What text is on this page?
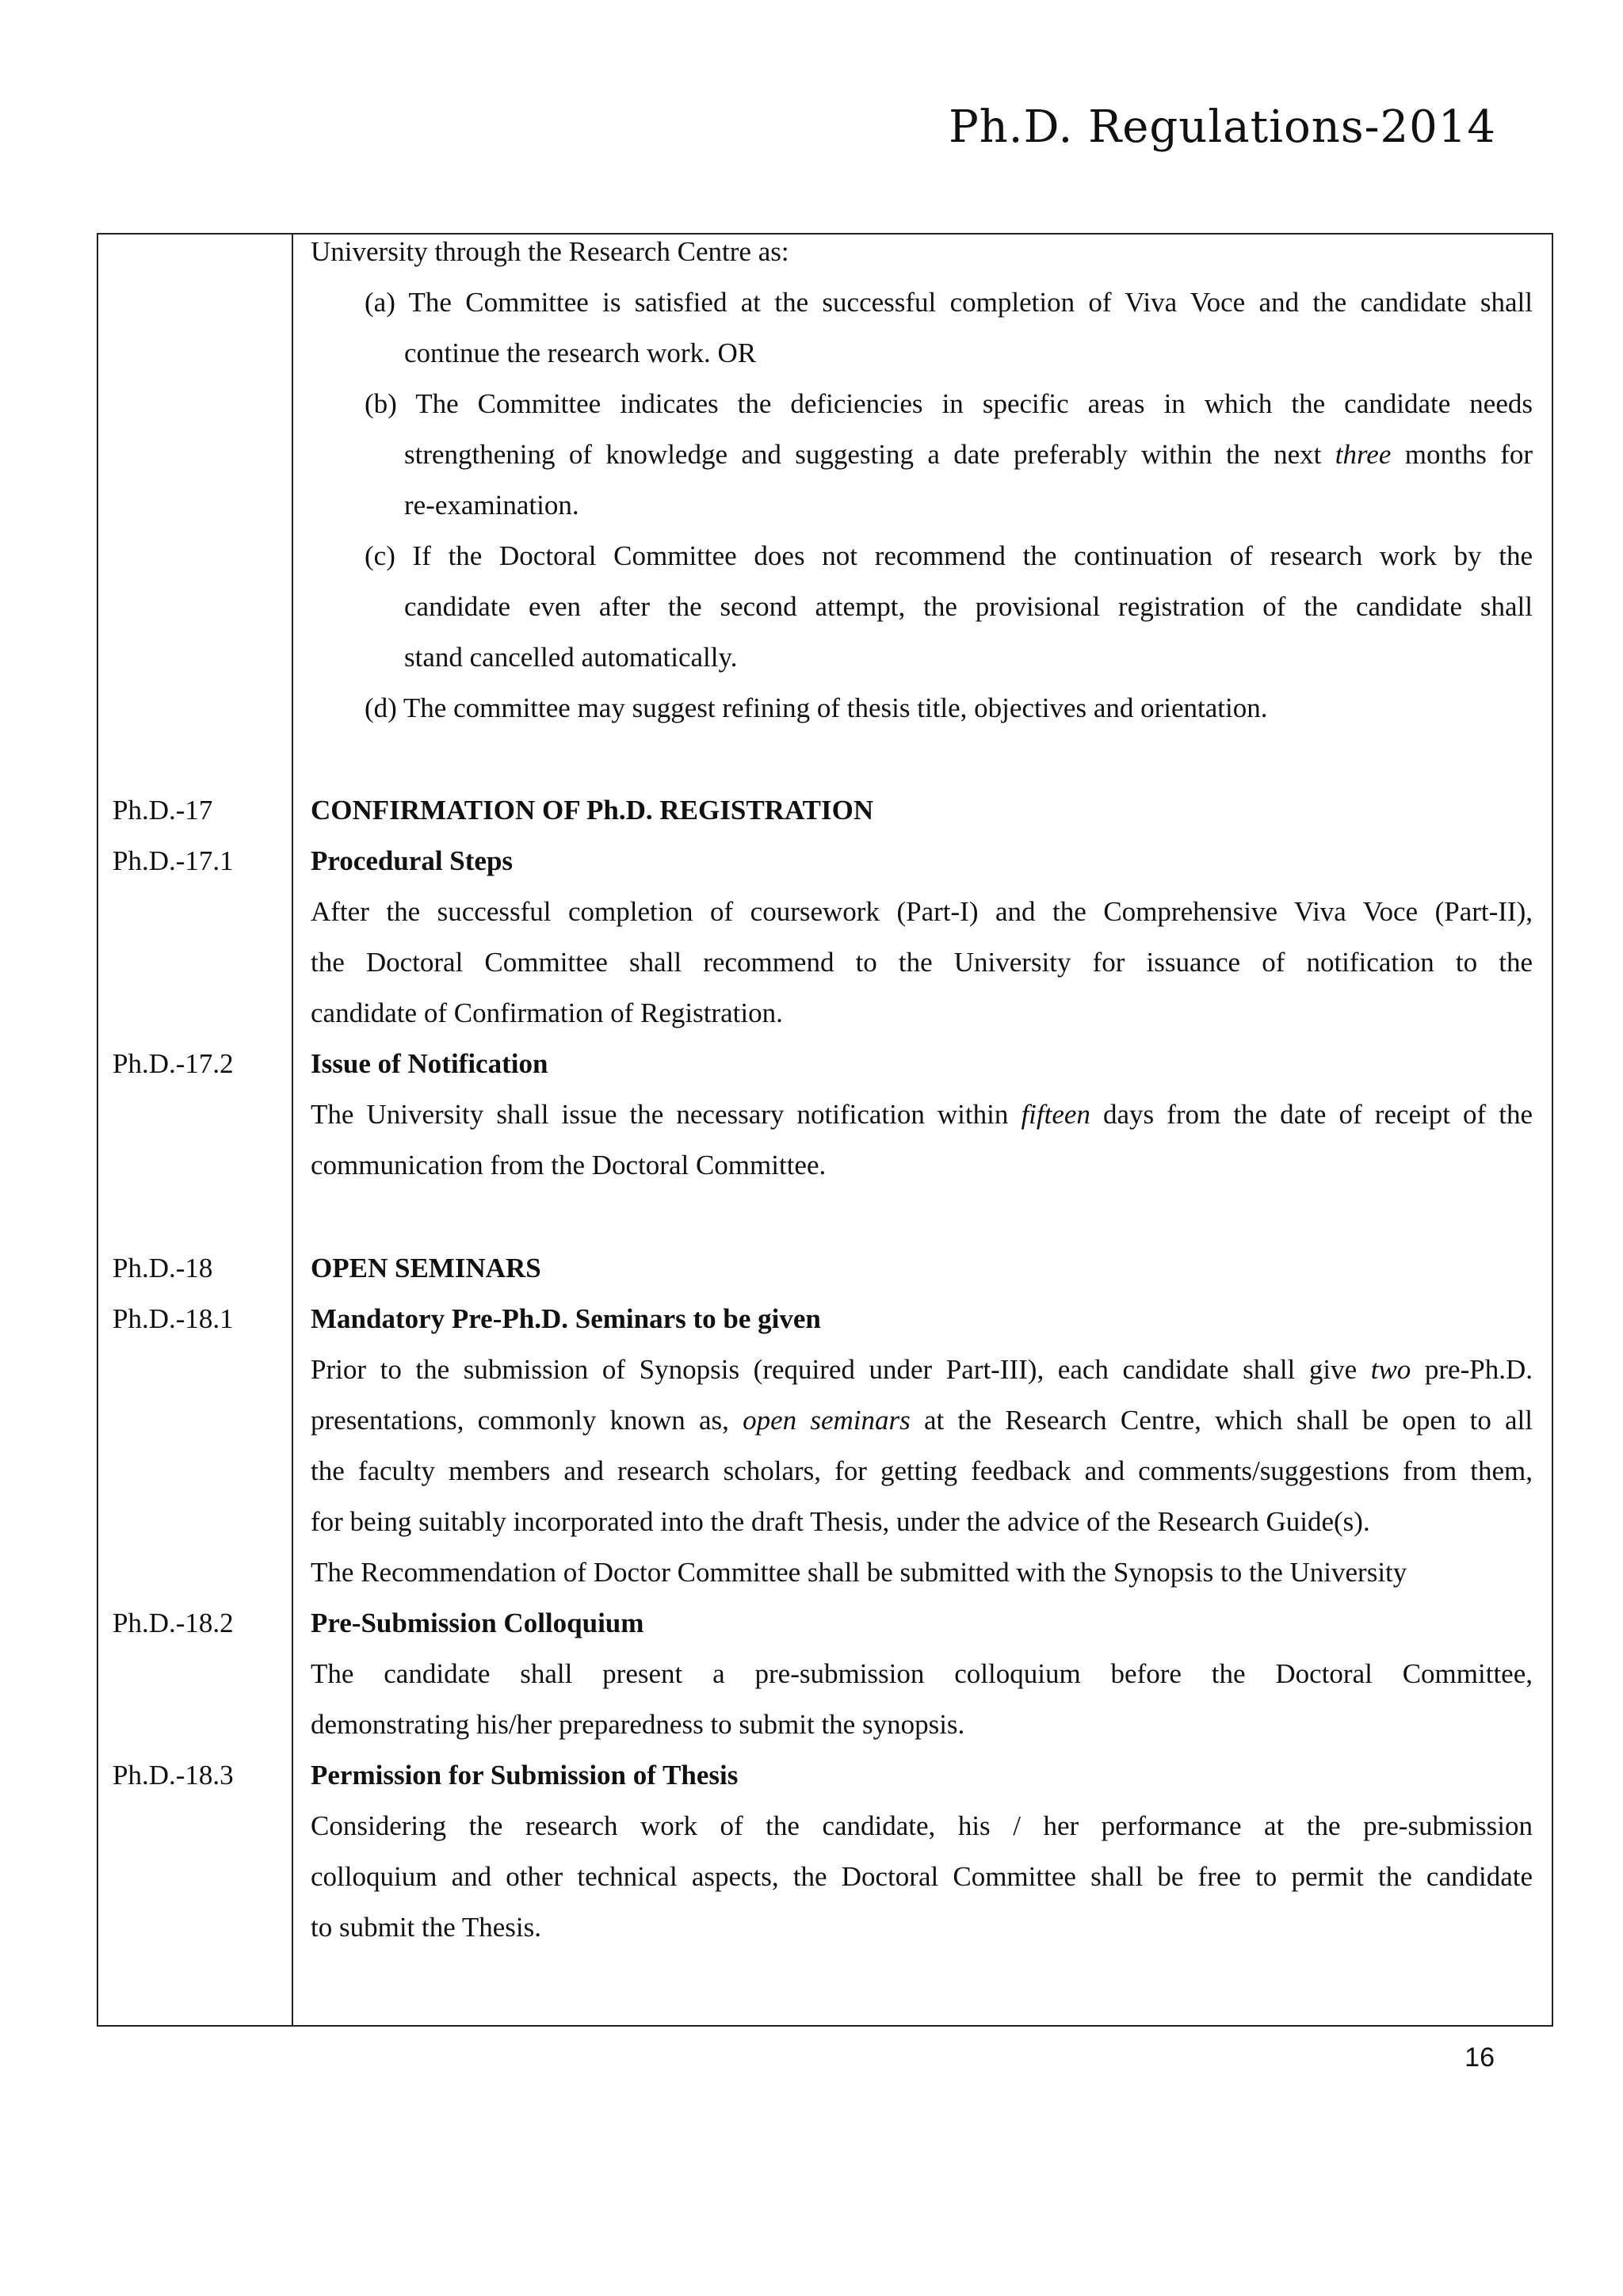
Ph.D. Regulations-2014
University through the Research Centre as:
(a) The Committee is satisfied at the successful completion of Viva Voce and the candidate shall
continue the research work. OR
(b) The Committee indicates the deficiencies in specific areas in which the candidate needs
strengthening of knowledge and suggesting a date preferably within the next three months for
re-examination.
(c) If the Doctoral Committee does not recommend the continuation of research work by the
candidate even after the second attempt, the provisional registration of the candidate shall
stand cancelled automatically.
(d) The committee may suggest refining of thesis title, objectives and orientation.
Ph.D.-17	CONFIRMATION OF Ph.D. REGISTRATION
Ph.D.-17.1	Procedural Steps
After the successful completion of coursework (Part-I) and the Comprehensive Viva Voce (Part-II),
the Doctoral Committee shall recommend to the University for issuance of notification to the
candidate of Confirmation of Registration.
Ph.D.-17.2	Issue of Notification
The University shall issue the necessary notification within fifteen days from the date of receipt of the
communication from the Doctoral Committee.
Ph.D.-18	OPEN SEMINARS
Ph.D.-18.1	Mandatory Pre-Ph.D. Seminars to be given
Prior to the submission of Synopsis (required under Part-III), each candidate shall give two pre-Ph.D.
presentations, commonly known as, open seminars at the Research Centre, which shall be open to all
the faculty members and research scholars, for getting feedback and comments/suggestions from them,
for being suitably incorporated into the draft Thesis, under the advice of the Research Guide(s).
The Recommendation of Doctor Committee shall be submitted with the Synopsis to the University
Ph.D.-18.2	Pre-Submission Colloquium
The candidate shall present a pre-submission colloquium before the Doctoral Committee,
demonstrating his/her preparedness to submit the synopsis.
Ph.D.-18.3	Permission for Submission of Thesis
Considering the research work of the candidate, his / her performance at the pre-submission
colloquium and other technical aspects, the Doctoral Committee shall be free to permit the candidate
to submit the Thesis.
16
